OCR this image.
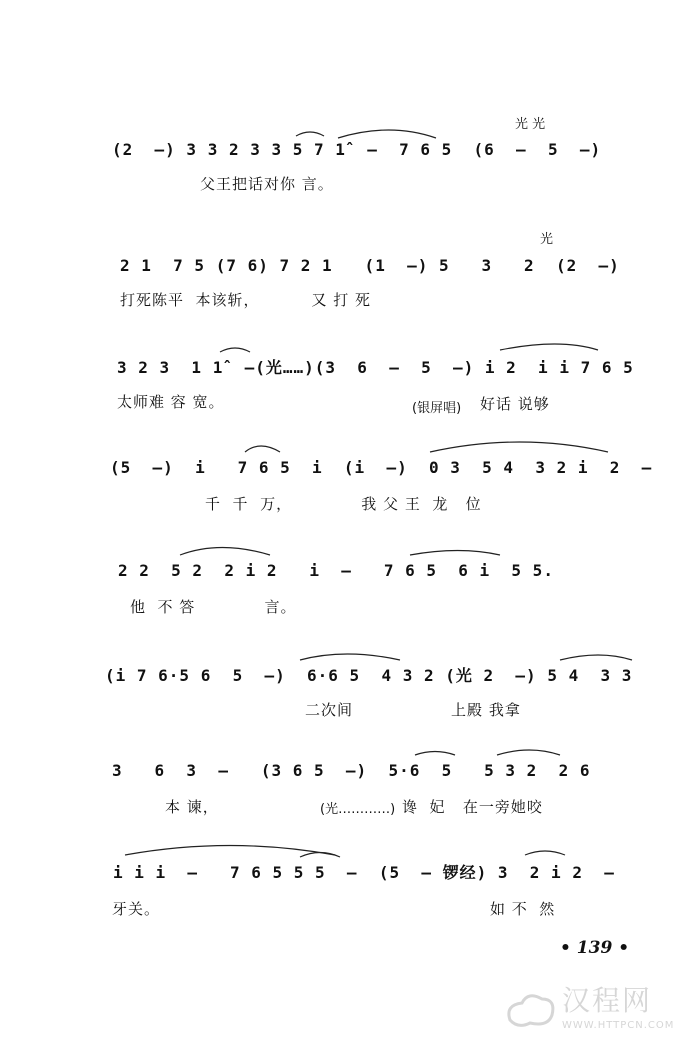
光 光
(2  –) 3 3 2 3 3 5 7 1̂  –  7 6 5  (6  –  5  –)
父王把话对你 言。
光
2 1  7 5 (7 6) 7 2 1   (1  –) 5   3   2  (2  –)
打死陈平  本该斩，         又 打 死
3 2 3  1 1̂  –(光……)(3  6  –  5  –) i 2  i i 7 6 5
太师难 容 宽。	(银屏唱) 好话 说够
(5  –)  i   7 6 5  i  (i  –)  0 3  5 4  3 2 i  2  –
千  千  万，            我 父 王  龙   位
2 2  5 2  2 i 2   i  –   7 6 5  6 i  5 5.
他  不 答            言。
(i 7 6·5 6  5  –)  6·6 5  4 3 2 (光 2  –) 5 4  3 3
二次间                 上殿 我拿
3   6  3  –   (3 6 5  –)  5·6  5   5 3 2  2 6
本 谏，	(光…………) 谗  妃   在一旁她咬
i i i  –   7 6 5 5 5  –  (5  – 锣经) 3  2 i 2  –
牙关。	如 不  然
• 139 •
汉程网
WWW.HTTPCN.COM
